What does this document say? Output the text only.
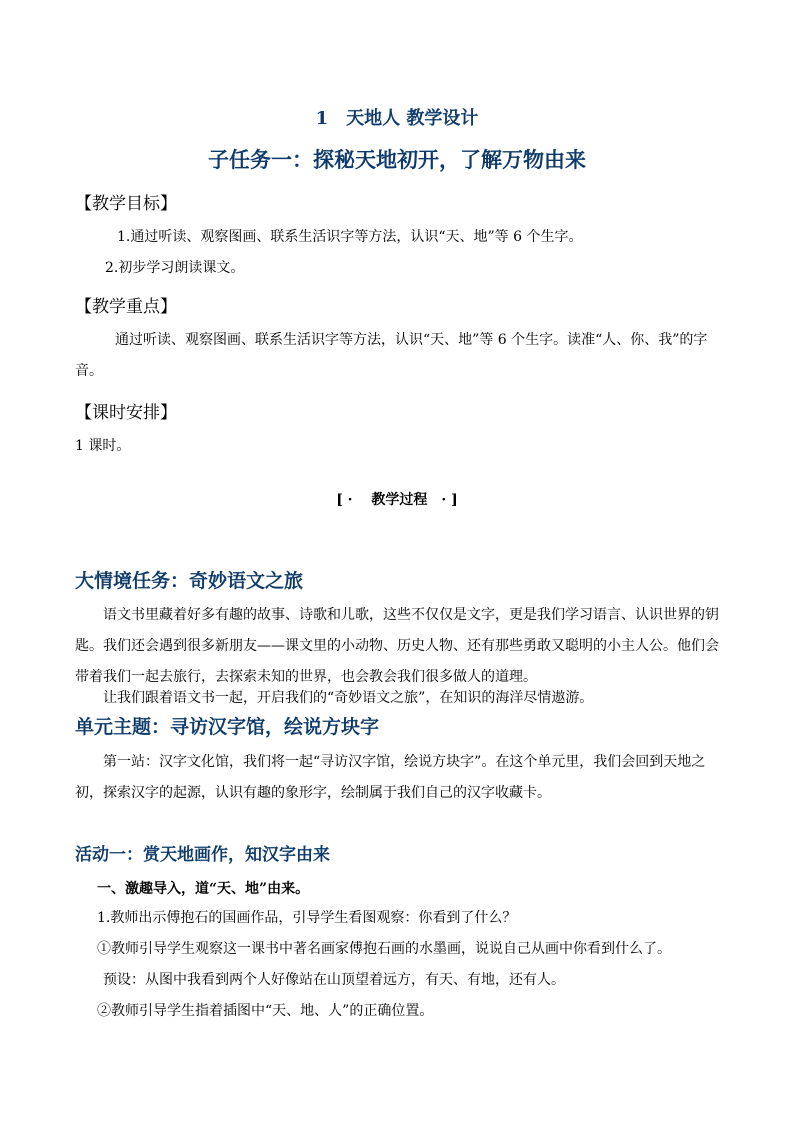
1　天地人 教学设计
子任务一：探秘天地初开，了解万物由来
【教学目标】
1.通过听读、观察图画、联系生活识字等方法，认识“天、地”等 6 个生字。
2.初步学习朗读课文。
【教学重点】

通过听读、观察图画、联系生活识字等方法，认识“天、地”等 6 个生字。读准“人、你、我”的字音。

【课时安排】
1 课时。
[ · 　教学过程　· ]
大情境任务：奇妙语文之旅

语文书里藏着好多有趣的故事、诗歌和儿歌，这些不仅仅是文字，更是我们学习语言、认识世界的钥匙。我们还会遇到很多新朋友——课文里的小动物、历史人物、还有那些勇敢又聪明的小主人公。他们会带着我们一起去旅行，去探索未知的世界，也会教会我们很多做人的道理。

让我们跟着语文书一起，开启我们的“奇妙语文之旅”，在知识的海洋尽情遨游。

单元主题：寻访汉字馆，绘说方块字

第一站：汉字文化馆，我们将一起“寻访汉字馆，绘说方块字”。在这个单元里，我们会回到天地之初，探索汉字的起源，认识有趣的象形字，绘制属于我们自己的汉字收藏卡。

活动一：赏天地画作，知汉字由来
一、激趣导入，道“天、地”由来。
1.教师出示傅抱石的国画作品，引导学生看图观察：你看到了什么？
①教师引导学生观察这一课书中著名画家傅抱石画的水墨画，说说自己从画中你看到什么了。
预设：从图中我看到两个人好像站在山顶望着远方，有天、有地，还有人。
②教师引导学生指着插图中“天、地、人”的正确位置。
